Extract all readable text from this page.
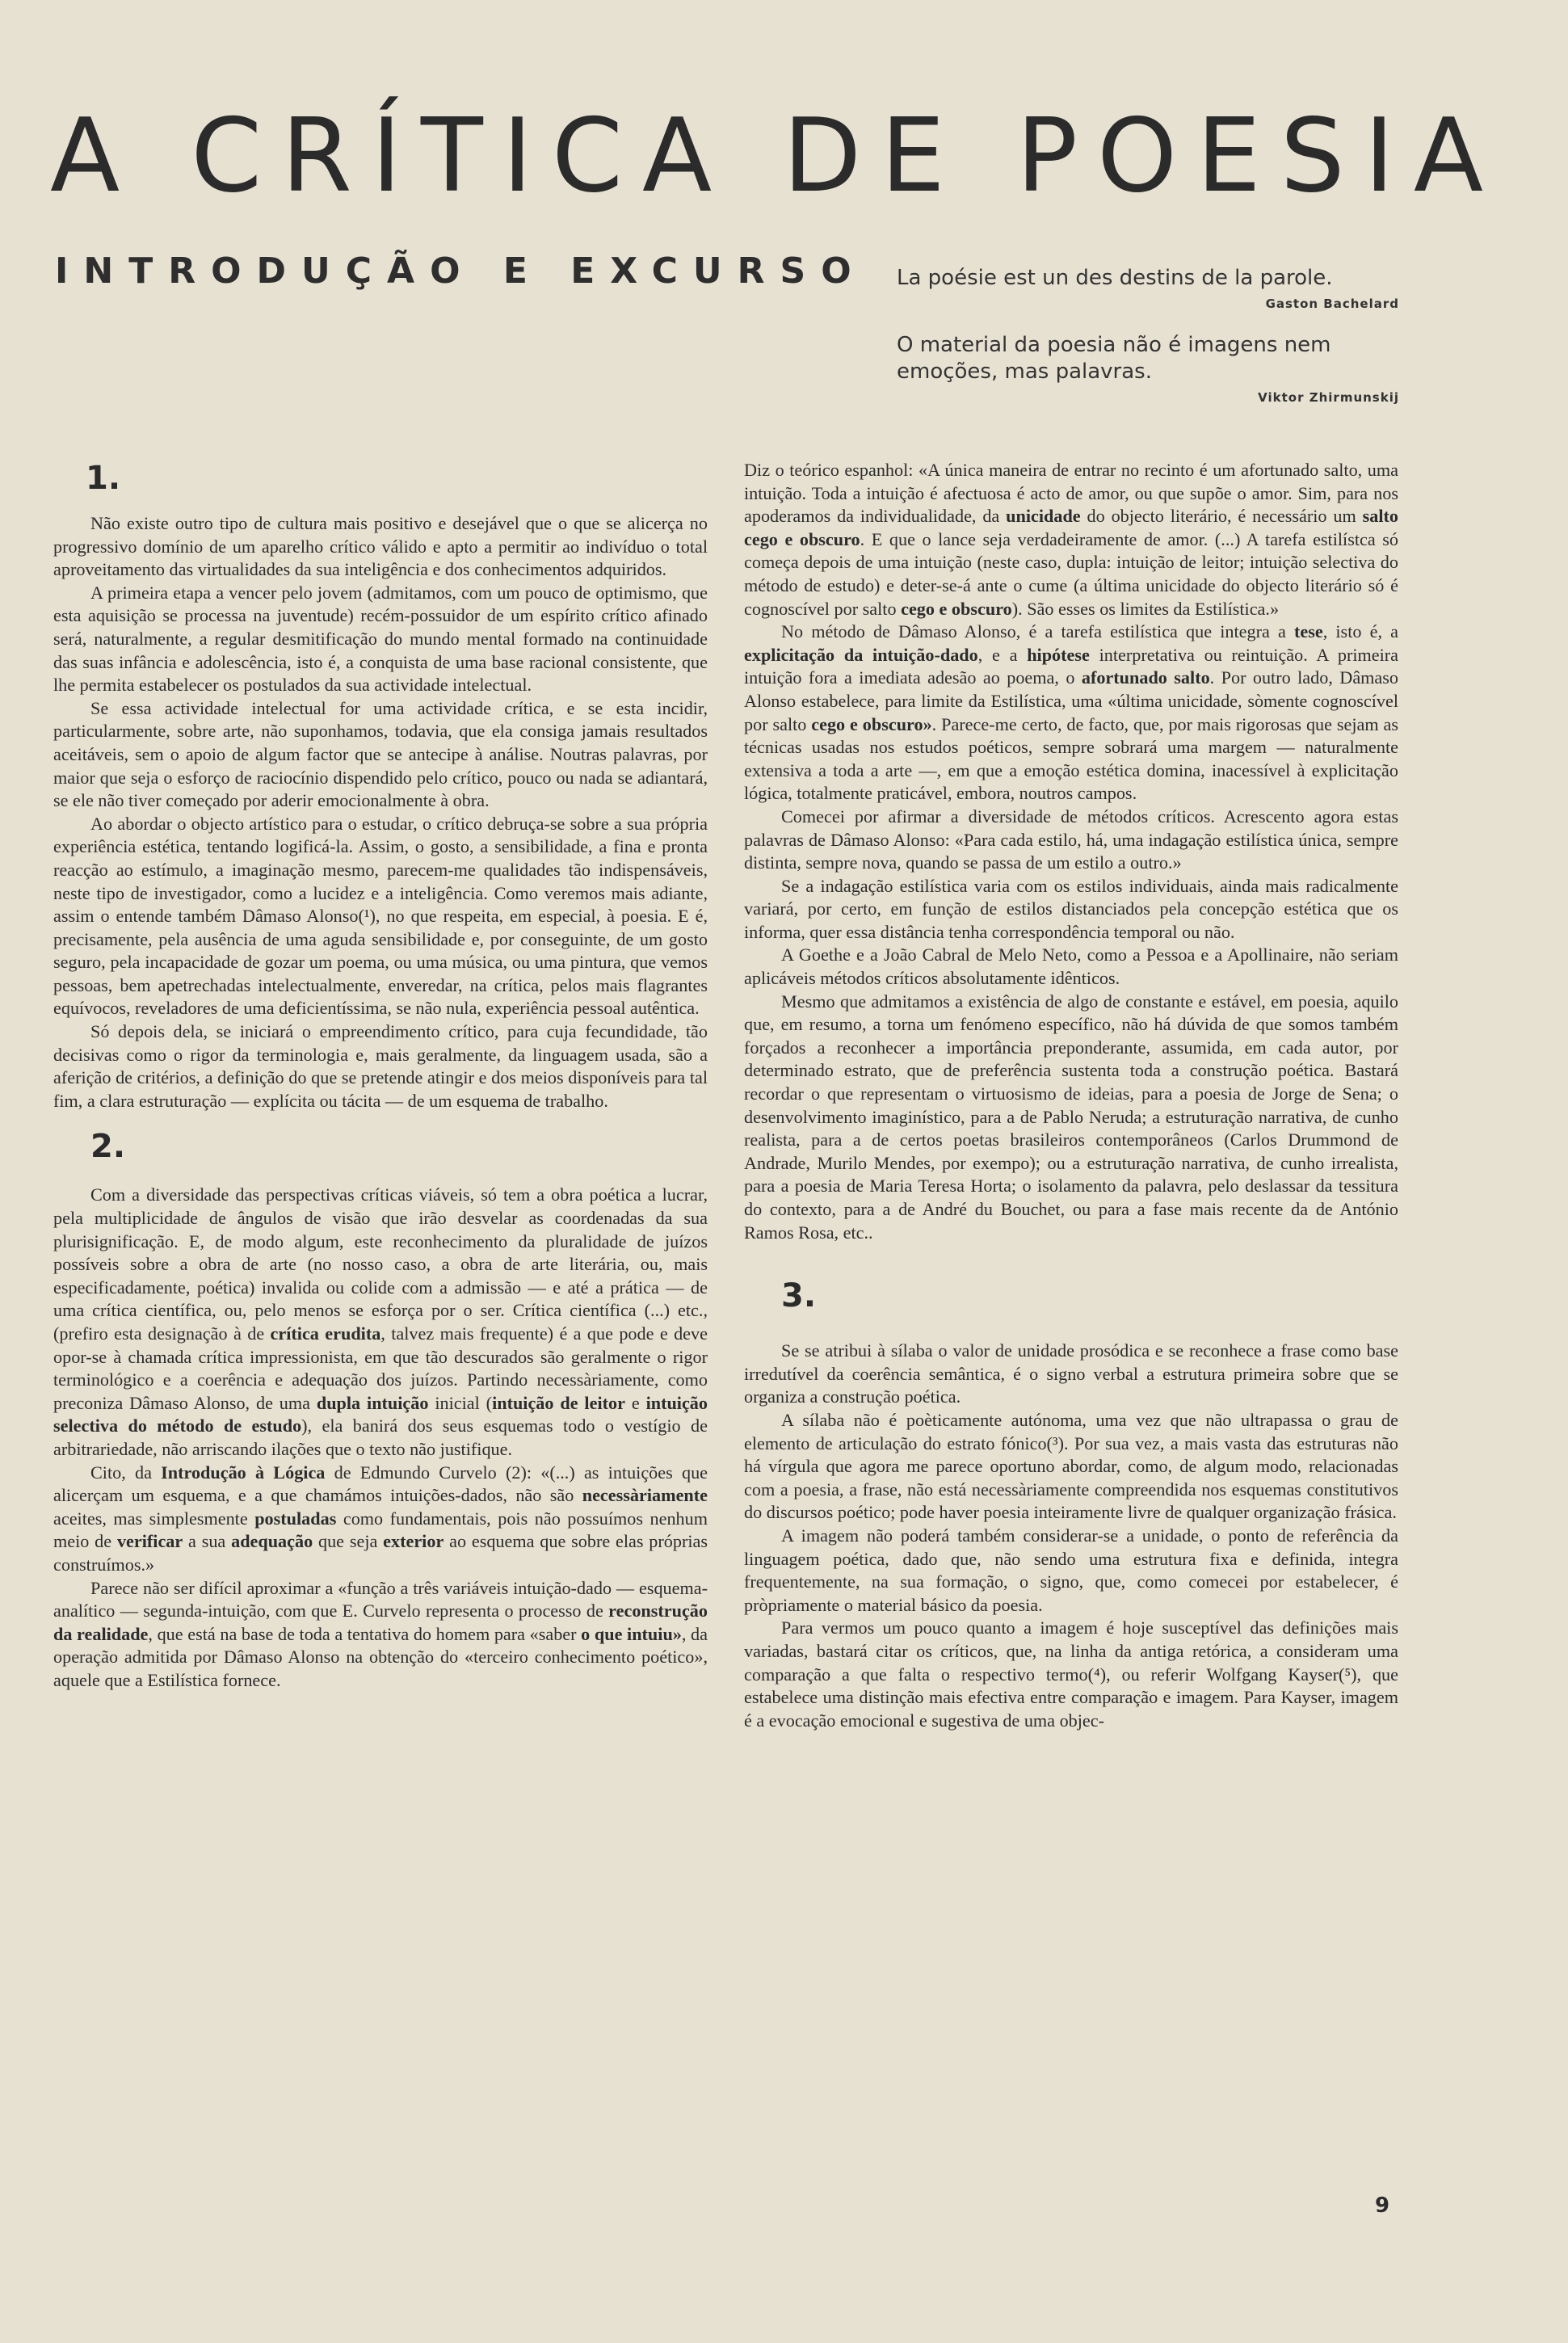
A CRÍTICA DE POESIA
INTRODUÇÃO E EXCURSO La poésie est un des destins de la parole.

Gaston Bachelard

O material da poesia não é imagens nem emoções, mas palavras.

Viktor Zhirmunskij
1.

Não existe outro tipo de cultura mais positivo e desejável que o que se alicerça no progressivo domínio de um aparelho crítico válido e apto a permitir ao indivíduo o total aproveitamento das virtualidades da sua inteligência e dos conhecimentos adquiridos.

A primeira etapa a vencer pelo jovem (admitamos, com um pouco de optimismo, que esta aquisição se processa na juventude) recém-possuidor de um espírito crítico afinado será, naturalmente, a regular desmitificação do mundo mental formado na continuidade das suas infância e adolescência, isto é, a conquista de uma base racional consistente, que lhe permita estabelecer os postulados da sua actividade intelectual.

Se essa actividade intelectual for uma actividade crítica, e se esta incidir, particularmente, sobre arte, não suponhamos, todavia, que ela consiga jamais resultados aceitáveis, sem o apoio de algum factor que se antecipe à análise. Noutras palavras, por maior que seja o esforço de raciocínio dispendido pelo crítico, pouco ou nada se adiantará, se ele não tiver começado por aderir emocionalmente à obra.

Ao abordar o objecto artístico para o estudar, o crítico debruça-se sobre a sua própria experiência estética, tentando logificá-la. Assim, o gosto, a sensibilidade, a fina e pronta reacção ao estímulo, a imaginação mesmo, parecem-me qualidades tão indispensáveis, neste tipo de investigador, como a lucidez e a inteligência. Como veremos mais adiante, assim o entende também Dâmaso Alonso(¹), no que respeita, em especial, à poesia. E é, precisamente, pela ausência de uma aguda sensibilidade e, por conseguinte, de um gosto seguro, pela incapacidade de gozar um poema, ou uma música, ou uma pintura, que vemos pessoas, bem apetrechadas intelectualmente, enveredar, na crítica, pelos mais flagrantes equívocos, reveladores de uma deficientíssima, se não nula, experiência pessoal autêntica.

Só depois dela, se iniciará o empreendimento crítico, para cuja fecundidade, tão decisivas como o rigor da terminologia e, mais geralmente, da linguagem usada, são a aferição de critérios, a definição do que se pretende atingir e dos meios disponíveis para tal fim, a clara estruturação — explícita ou tácita — de um esquema de trabalho.

2.

Com a diversidade das perspectivas críticas viáveis, só tem a obra poética a lucrar, pela multiplicidade de ângulos de visão que irão desvelar as coordenadas da sua plurisignificação. E, de modo algum, este reconhecimento da pluralidade de juízos possíveis sobre a obra de arte (no nosso caso, a obra de arte literária, ou, mais especificadamente, poética) invalida ou colide com a admissão — e até a prática — de uma crítica científica, ou, pelo menos se esforça por o ser. Crítica científica (...) etc., (prefiro esta designação à de crítica erudita, talvez mais frequente) é a que pode e deve opor-se à chamada crítica impressionista, em que tão descurados são geralmente o rigor terminológico e a coerência e adequação dos juízos. Partindo necessàriamente, como preconiza Dâmaso Alonso, de uma dupla intuição inicial (intuição de leitor e intuição selectiva do método de estudo), ela banirá dos seus esquemas todo o vestígio de arbitrariedade, não arriscando ilações que o texto não justifique.

Cito, da Introdução à Lógica de Edmundo Curvelo (2): «(...) as intuições que alicerçam um esquema, e a que chamámos intuições-dados, não são necessàriamente aceites, mas simplesmente postuladas como fundamentais, pois não possuímos nenhum meio de verificar a sua adequação que seja exterior ao esquema que sobre elas próprias construímos.»

Parece não ser difícil aproximar a «função a três variáveis intuição-dado — esquema-analítico — segunda-intuição, com que E. Curvelo representa o processo de reconstrução da realidade, que está na base de toda a tentativa do homem para «saber o que intuiu», da operação admitida por Dâmaso Alonso na obtenção do «terceiro conhecimento poético», aquele que a Estilística fornece.

Diz o teórico espanhol: «A única maneira de entrar no recinto é um afortunado salto, uma intuição. Toda a intuição é afectuosa é acto de amor, ou que supõe o amor. Sim, para nos apoderamos da individualidade, da unicidade do objecto literário, é necessário um salto cego e obscuro. E que o lance seja verdadeiramente de amor. (...) A tarefa estilístca só começa depois de uma intuição (neste caso, dupla: intuição de leitor; intuição selectiva do método de estudo) e deter-se-á ante o cume (a última unicidade do objecto literário só é cognoscível por salto cego e obscuro). São esses os limites da Estilística.»

No método de Dâmaso Alonso, é a tarefa estilística que integra a tese, isto é, a explicitação da intuição-dado, e a hipótese interpretativa ou reintuição. A primeira intuição fora a imediata adesão ao poema, o afortunado salto. Por outro lado, Dâmaso Alonso estabelece, para limite da Estilística, uma «última unicidade, sòmente cognoscível por salto cego e obscuro». Parece-me certo, de facto, que, por mais rigorosas que sejam as técnicas usadas nos estudos poéticos, sempre sobrará uma margem — naturalmente extensiva a toda a arte —, em que a emoção estética domina, inacessível à explicitação lógica, totalmente praticável, embora, noutros campos.

Comecei por afirmar a diversidade de métodos críticos. Acrescento agora estas palavras de Dâmaso Alonso: «Para cada estilo, há, uma indagação estilística única, sempre distinta, sempre nova, quando se passa de um estilo a outro.»

Se a indagação estilística varia com os estilos individuais, ainda mais radicalmente variará, por certo, em função de estilos distanciados pela concepção estética que os informa, quer essa distância tenha correspondência temporal ou não.

A Goethe e a João Cabral de Melo Neto, como a Pessoa e a Apollinaire, não seriam aplicáveis métodos críticos absolutamente idênticos.

Mesmo que admitamos a existência de algo de constante e estável, em poesia, aquilo que, em resumo, a torna um fenómeno específico, não há dúvida de que somos também forçados a reconhecer a importância preponderante, assumida, em cada autor, por determinado estrato, que de preferência sustenta toda a construção poética. Bastará recordar o que representam o virtuosismo de ideias, para a poesia de Jorge de Sena; o desenvolvimento imaginístico, para a de Pablo Neruda; a estruturação narrativa, de cunho realista, para a de certos poetas brasileiros contemporâneos (Carlos Drummond de Andrade, Murilo Mendes, por exempo); ou a estruturação narrativa, de cunho irrealista, para a poesia de Maria Teresa Horta; o isolamento da palavra, pelo deslassar da tessitura do contexto, para a de André du Bouchet, ou para a fase mais recente da de António Ramos Rosa, etc..

3.

Se se atribui à sílaba o valor de unidade prosódica e se reconhece a frase como base irredutível da coerência semântica, é o signo verbal a estrutura primeira sobre que se organiza a construção poética.

A sílaba não é poèticamente autónoma, uma vez que não ultrapassa o grau de elemento de articulação do estrato fónico(³). Por sua vez, a mais vasta das estruturas não há vírgula que agora me parece oportuno abordar, como, de algum modo, relacionadas com a poesia, a frase, não está necessàriamente compreendida nos esquemas constitutivos do discursos poético; pode haver poesia inteiramente livre de qualquer organização frásica.

A imagem não poderá também considerar-se a unidade, o ponto de referência da linguagem poética, dado que, não sendo uma estrutura fixa e definida, integra frequentemente, na sua formação, o signo, que, como comecei por estabelecer, é pròpriamente o material básico da poesia.

Para vermos um pouco quanto a imagem é hoje susceptível das definições mais variadas, bastará citar os críticos, que, na linha da antiga retórica, a consideram uma comparação a que falta o respectivo termo(⁴), ou referir Wolfgang Kayser(⁵), que estabelece uma distinção mais efectiva entre comparação e imagem. Para Kayser, imagem é a evocação emocional e sugestiva de uma objec-

9
